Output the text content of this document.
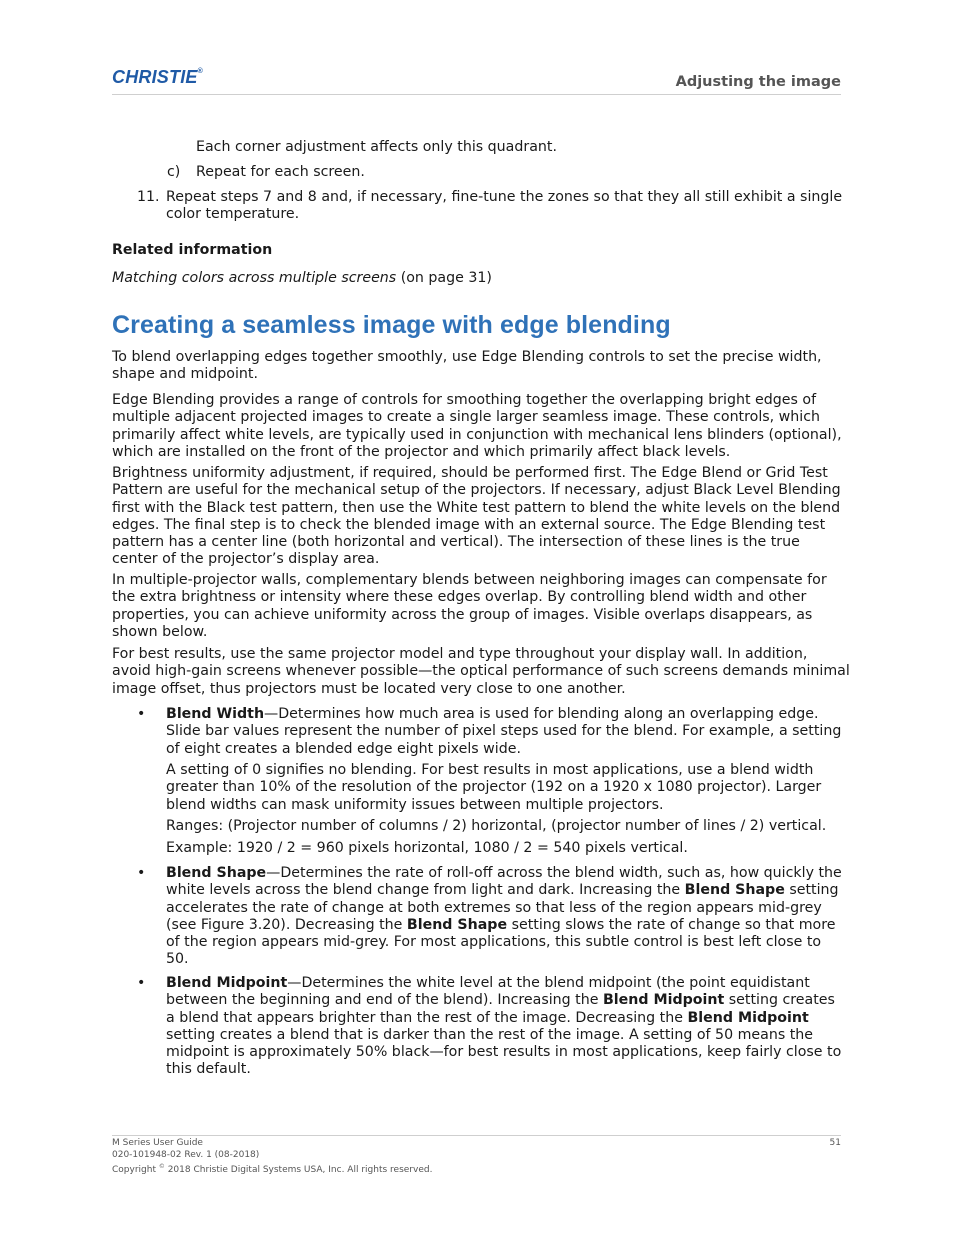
CHRISTIE®
Adjusting the image
Each corner adjustment affects only this quadrant.
c) Repeat for each screen.
11. Repeat steps 7 and 8 and, if necessary, fine-tune the zones so that they all still exhibit a single
color temperature.
Related information
Matching colors across multiple screens (on page 31)
Creating a seamless image with edge blending
To blend overlapping edges together smoothly, use Edge Blending controls to set the precise width,
shape and midpoint.
Edge Blending provides a range of controls for smoothing together the overlapping bright edges of
multiple adjacent projected images to create a single larger seamless image. These controls, which
primarily affect white levels, are typically used in conjunction with mechanical lens blinders (optional),
which are installed on the front of the projector and which primarily affect black levels.
Brightness uniformity adjustment, if required, should be performed first. The Edge Blend or Grid Test
Pattern are useful for the mechanical setup of the projectors. If necessary, adjust Black Level Blending
first with the Black test pattern, then use the White test pattern to blend the white levels on the blend
edges. The final step is to check the blended image with an external source. The Edge Blending test
pattern has a center line (both horizontal and vertical). The intersection of these lines is the true
center of the projector’s display area.
In multiple-projector walls, complementary blends between neighboring images can compensate for
the extra brightness or intensity where these edges overlap. By controlling blend width and other
properties, you can achieve uniformity across the group of images. Visible overlaps disappears, as
shown below.
For best results, use the same projector model and type throughout your display wall. In addition,
avoid high-gain screens whenever possible—the optical performance of such screens demands minimal
image offset, thus projectors must be located very close to one another.
• Blend Width—Determines how much area is used for blending along an overlapping edge.
Slide bar values represent the number of pixel steps used for the blend. For example, a setting
of eight creates a blended edge eight pixels wide.
A setting of 0 signifies no blending. For best results in most applications, use a blend width
greater than 10% of the resolution of the projector (192 on a 1920 x 1080 projector). Larger
blend widths can mask uniformity issues between multiple projectors.
Ranges: (Projector number of columns / 2) horizontal, (projector number of lines / 2) vertical.
Example: 1920 / 2 = 960 pixels horizontal, 1080 / 2 = 540 pixels vertical.
• Blend Shape—Determines the rate of roll-off across the blend width, such as, how quickly the
white levels across the blend change from light and dark. Increasing the Blend Shape setting
accelerates the rate of change at both extremes so that less of the region appears mid-grey
(see Figure 3.20). Decreasing the Blend Shape setting slows the rate of change so that more
of the region appears mid-grey. For most applications, this subtle control is best left close to
50.
• Blend Midpoint—Determines the white level at the blend midpoint (the point equidistant
between the beginning and end of the blend). Increasing the Blend Midpoint setting creates
a blend that appears brighter than the rest of the image. Decreasing the Blend Midpoint
setting creates a blend that is darker than the rest of the image. A setting of 50 means the
midpoint is approximately 50% black—for best results in most applications, keep fairly close to
this default.
M Series User Guide
020-101948-02 Rev. 1 (08-2018)
Copyright © 2018 Christie Digital Systems USA, Inc. All rights reserved.
51
